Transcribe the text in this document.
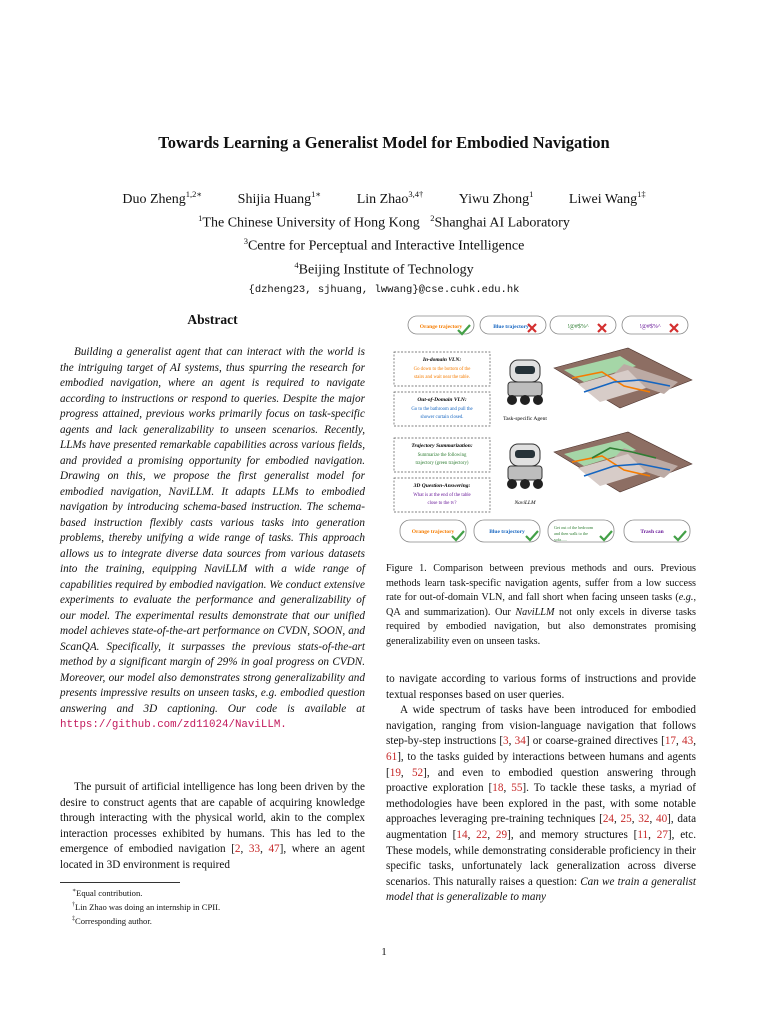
Towards Learning a Generalist Model for Embodied Navigation
Duo Zheng$^{1,2∗}$	Shijia Huang$^{1∗}$	Lin Zhao$^{3,4\dagger}$	Yiwu Zhong$^1$	Liwei Wang$^{1\ddagger}$
$^1$The Chinese University of Hong Kong $^2$Shanghai AI Laboratory
$^3$Centre for Perceptual and Interactive Intelligence
$^4$Beijing Institute of Technology
{dzheng23, sjhuang, lwwang}@cse.cuhk.edu.hk
Abstract

Building a generalist agent that can interact with the world is the intriguing target of AI systems, thus spurring the research for embodied navigation, where an agent is required to navigate according to instructions or respond to queries. Despite the major progress attained, previous works primarily focus on task-specific agents and lack generalizability to unseen scenarios. Recently, LLMs have presented remarkable capabilities across various fields, and provided a promising opportunity for embodied navigation. Drawing on this, we propose the first generalist model for embodied navigation, NaviLLM. It adapts LLMs to embodied navigation by introducing schema-based instruction. The schema-based instruction flexibly casts various tasks into generation problems, thereby unifying a wide range of tasks. This approach allows us to integrate diverse data sources from various datasets into the training, equipping NaviLLM with a wide range of capabilities required by embodied navigation. We conduct extensive experiments to evaluate the performance and generalizability of our model. The experimental results demonstrate that our unified model achieves state-of-the-art performance on CVDN, SOON, and ScanQA. Specifically, it surpasses the previous stats-of-the-art method by a significant margin of 29% in goal progress on CVDN. Moreover, our model also demonstrates strong generalizability and presents impressive results on unseen tasks, e.g. embodied question answering and 3D captioning. Our code is available at https://github.com/zd11024/NaviLLM.

The pursuit of artificial intelligence has long been driven by the desire to construct agents that are capable of acquiring knowledge through interacting with the physical world, akin to the complex interaction processes exhibited by humans. This has led to the emergence of embodied navigation [2, 33, 47], where an agent located in 3D environment is required

∗Equal contribution.
†Lin Zhao was doing an internship in CPII.
‡Corresponding author.
Orange trajectory	Blue trajectory	!@#$%^	!@#$%^
In-domain VLN:
Go down to the bottom of the
stairs and wait near the table.
Out-of-Domain VLN:
Go to the bathroom and pull the
shower curtain closed.
Trajectory Summarization:
Summarize the following
trajectory (green trajectory)
3D Question-Answering:
What is at the end of the table
close to the tv?
Task-specific Agent
NaviLLM
Orange trajectory	Blue trajectory
Get out of the bedroom
and then walk to the
sofa......
Trash can

Figure 1. Comparison between previous methods and ours. Previous methods learn task-specific navigation agents, suffer from a low success rate for out-of-domain VLN, and fall short when facing unseen tasks (e.g., QA and summarization). Our NaviLLM not only excels in diverse tasks required by embodied navigation, but also demonstrates promising generalizability even on unseen tasks.

to navigate according to various forms of instructions and provide textual responses based on user queries.

A wide spectrum of tasks have been introduced for embodied navigation, ranging from vision-language navigation that follows step-by-step instructions [3, 34] or coarse-grained directives [17, 43, 61], to the tasks guided by interactions between humans and agents [19, 52], and even to embodied question answering through proactive exploration [18, 55]. To tackle these tasks, a myriad of methodologies have been explored in the past, with some notable approaches leveraging pre-training techniques [24, 25, 32, 40], data augmentation [14, 22, 29], and memory structures [11, 27], etc. These models, while demonstrating considerable proficiency in their specific tasks, unfortunately lack generalization across diverse scenarios. This naturally raises a question: Can we train a generalist model that is generalizable to many

1
